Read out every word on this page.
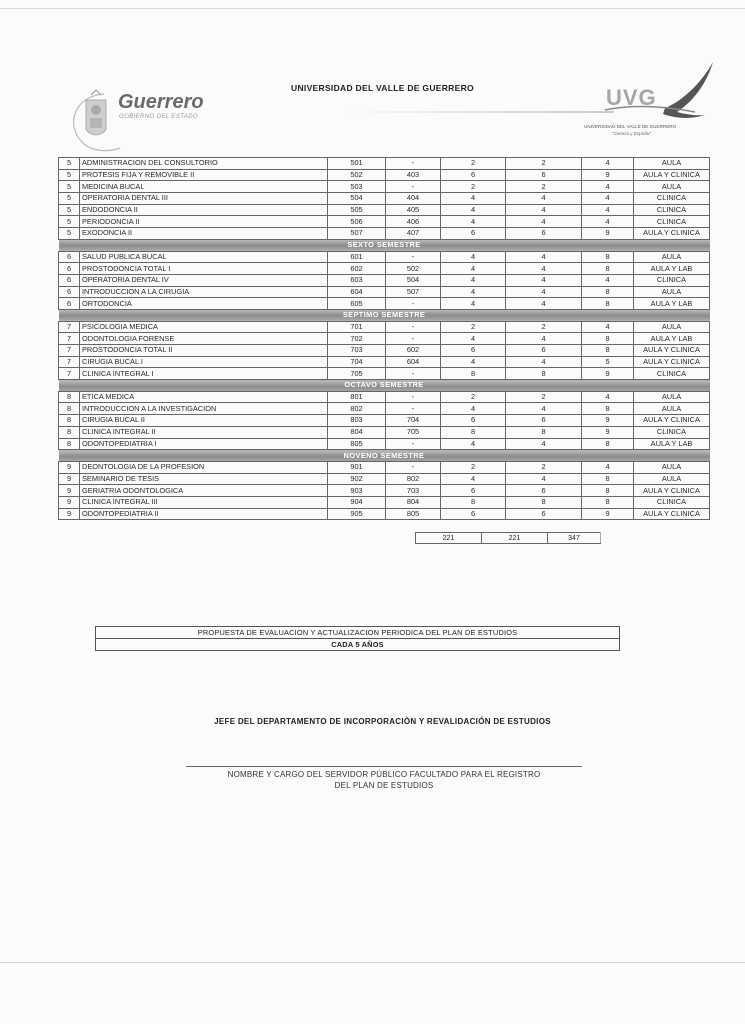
Guerrero
GOBIERNO DEL ESTADO
UNIVERSIDAD DEL VALLE DE GUERRERO	UVG
UNIVERSIDAD DEL VALLE DE GUERRERO
"Ciencia y Espíritu"
5	ADMINISTRACION DEL CONSULTORIO	501	-	2	2	4	AULA
5	PROTESIS FIJA Y REMOVIBLE II	502	403	6	6	9	AULA Y CLINICA
5	MEDICINA BUCAL	503	-	2	2	4	AULA
5	OPERATORIA DENTAL III	504	404	4	4	4	CLINICA
5	ENDODONCIA II	505	405	4	4	4	CLINICA
5	PERIODONCIA II	506	406	4	4	4	CLINICA
5	EXODONCIA II	507	407	6	6	9	AULA Y CLINICA
SEXTO SEMESTRE							
6	SALUD PUBLICA BUCAL	601	-	4	4	8	AULA
6	PROSTODONCIA TOTAL I	602	502	4	4	8	AULA Y LAB
6	OPERATORIA DENTAL IV	603	504	4	4	4	CLINICA
6	INTRODUCCION A LA CIRUGIA	604	507	4	4	8	AULA
6	ORTODONCIA	605	-	4	4	8	AULA Y LAB
SEPTIMO SEMESTRE							
7	PSICOLOGIA MEDICA	701	-	2	2	4	AULA
7	ODONTOLOGIA FORENSE	702	-	4	4	8	AULA Y LAB
7	PROSTODONCIA TOTAL II	703	602	6	6	8	AULA Y CLINICA
7	CIRUGIA BUCAL I	704	604	4	4	5	AULA Y CLINICA
7	CLINICA INTEGRAL I	705	-	8	8	9	CLINICA
OCTAVO SEMESTRE							
8	ETICA MEDICA	801	-	2	2	4	AULA
8	INTRODUCCION A LA INVESTIGACION	802	-	4	4	8	AULA
8	CIRUGIA BUCAL II	803	704	6	6	9	AULA Y CLINICA
8	CLINICA INTEGRAL II	804	705	8	8	9	CLINICA
8	ODONTOPEDIATRIA I	805	-	4	4	8	AULA Y LAB
NOVENO SEMESTRE							
9	DEONTOLOGIA DE LA PROFESION	901	-	2	2	4	AULA
9	SEMINARIO DE TESIS	902	802	4	4	8	AULA
9	GERIATRIA ODONTOLOGICA	903	703	6	6	8	AULA Y CLINICA
9	CLINICA INTEGRAL III	904	804	8	8	8	CLINICA
9	ODONTOPEDIATRIA II	905	805	6	6	9	AULA Y CLINICA
221	221	347
PROPUESTA DE EVALUACION Y ACTUALIZACION PERIODICA DEL PLAN DE ESTUDIOS
CADA 5 AÑOS
JEFE DEL DEPARTAMENTO DE INCORPORACIÒN Y REVALIDACIÓN DE ESTUDIOS
NOMBRE Y CARGO DEL SERVIDOR PÚBLICO FACULTADO PARA EL REGISTRO
DEL PLAN DE ESTUDIOS
